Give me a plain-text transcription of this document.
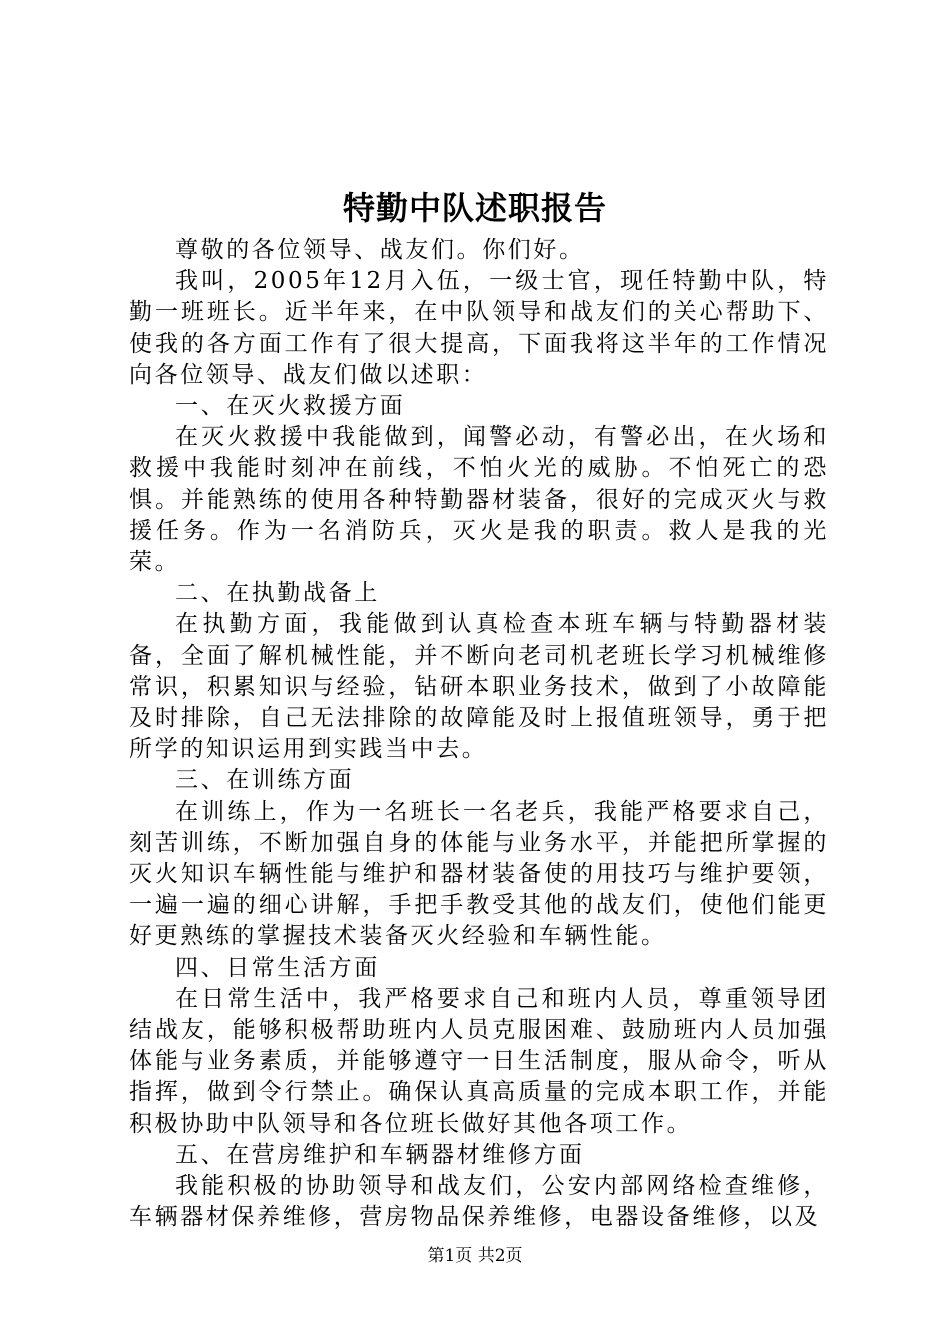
特勤中队述职报告

尊敬的各位领导、战友们。你们好。

我叫，2005年12月入伍，一级士官，现任特勤中队，特勤一班班长。近半年来，在中队领导和战友们的关心帮助下、使我的各方面工作有了很大提高，下面我将这半年的工作情况向各位领导、战友们做以述职：

一、在灭火救援方面

在灭火救援中我能做到，闻警必动，有警必出，在火场和救援中我能时刻冲在前线，不怕火光的威胁。不怕死亡的恐惧。并能熟练的使用各种特勤器材装备，很好的完成灭火与救援任务。作为一名消防兵，灭火是我的职责。救人是我的光荣。

二、在执勤战备上

在执勤方面，我能做到认真检查本班车辆与特勤器材装备，全面了解机械性能，并不断向老司机老班长学习机械维修常识，积累知识与经验，钻研本职业务技术，做到了小故障能及时排除，自己无法排除的故障能及时上报值班领导，勇于把所学的知识运用到实践当中去。

三、在训练方面

在训练上，作为一名班长一名老兵，我能严格要求自己，刻苦训练，不断加强自身的体能与业务水平，并能把所掌握的灭火知识车辆性能与维护和器材装备使的用技巧与维护要领，一遍一遍的细心讲解，手把手教受其他的战友们，使他们能更好更熟练的掌握技术装备灭火经验和车辆性能。

四、日常生活方面

在日常生活中，我严格要求自己和班内人员，尊重领导团结战友，能够积极帮助班内人员克服困难、鼓励班内人员加强体能与业务素质，并能够遵守一日生活制度，服从命令，听从指挥，做到令行禁止。确保认真高质量的完成本职工作，并能积极协助中队领导和各位班长做好其他各项工作。

五、在营房维护和车辆器材维修方面

我能积极的协助领导和战友们，公安内部网络检查维修，车辆器材保养维修，营房物品保养维修，电器设备维修，以及

第1页 共2页
